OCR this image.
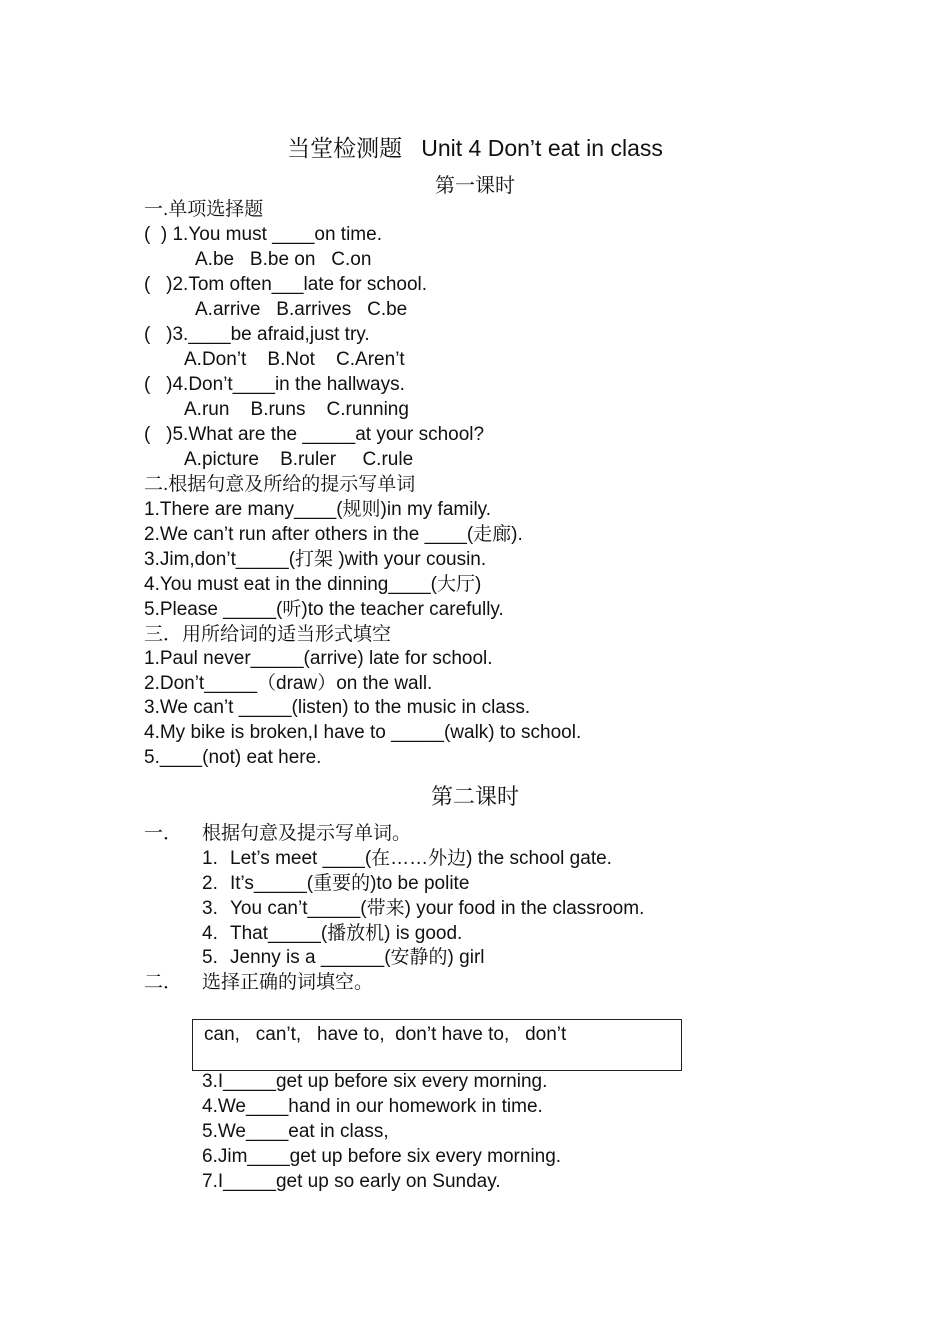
当堂检测题   Unit 4 Don’t eat in class
第一课时
一.单项选择题
(  ) 1.You must ____on time.
A.be   B.be on   C.on
(   )2.Tom often___late for school.
A.arrive   B.arrives   C.be
(   )3.____be afraid,just try.
A.Don’t    B.Not    C.Aren’t
(   )4.Don’t____in the hallways.
A.run    B.runs    C.running
(   )5.What are the _____at your school?
A.picture    B.ruler     C.rule
二.根据句意及所给的提示写单词
1.There are many____(规则)in my family.
2.We can’t run after others in the ____(走廊).
3.Jim,don’t_____(打架 )with your cousin.
4.You must eat in the dinning____(大厅)
5.Please _____(听)to the teacher carefully.
三．用所给词的适当形式填空
1.Paul never_____(arrive) late for school.
2.Don’t_____（draw）on the wall.
3.We can’t _____(listen) to the music in class.
4.My bike is broken,I have to _____(walk) to school.
5.____(not) eat here.
第二课时
一． 根据句意及提示写单词。
1. Let’s meet ____(在……外边) the school gate.
2. It’s_____(重要的)to be polite
3. You can’t_____(带来) your food in the classroom.
4. That_____(播放机) is good.
5. Jenny is a ______(安静的) girl
二． 选择正确的词填空。
can,   can’t,   have to,  don’t have to,   don’t
3.I_____get up before six every morning.
4.We____hand in our homework in time.
5.We____eat in class,
6.Jim____get up before six every morning.
7.I_____get up so early on Sunday.
